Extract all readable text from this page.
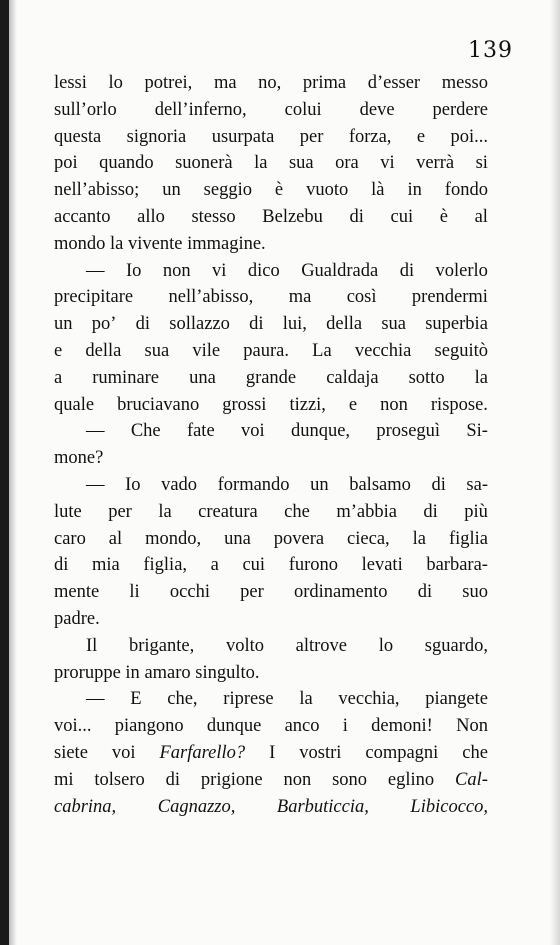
139
lessi lo potrei, ma no, prima d’esser messo
sull’orlo dell’inferno, colui deve perdere
questa signoria usurpata per forza, e poi...
poi quando suonerà la sua ora vi verrà si
nell’abisso; un seggio è vuoto là in fondo
accanto allo stesso Belzebu di cui è al
mondo
la
vivente
immagine.
— Io non vi dico Gualdrada di volerlo
precipitare nell’abisso, ma così prendermi
un po’ di sollazzo di lui, della sua superbia
e della sua vile paura. La vecchia seguitò
a ruminare una grande caldaja sotto la
quale bruciavano grossi tizzi, e non rispose.
— Che fate voi dunque, proseguì Si-
mone?
— Io vado formando un balsamo di sa-
lute per la creatura che m’abbia di più
caro al mondo, una povera cieca, la figlia
di mia figlia, a cui furono levati barbara-
mente li occhi per ordinamento di suo
padre.
Il brigante, volto altrove lo sguardo,
proruppe
in
amaro
singulto.
— E che, riprese la vecchia, piangete
voi... piangono dunque anco i demoni! Non
siete voi Farfarello? I vostri compagni che
mi tolsero di prigione non sono eglino Cal-
cabrina, Cagnazzo, Barbuticcia, Libicocco,
